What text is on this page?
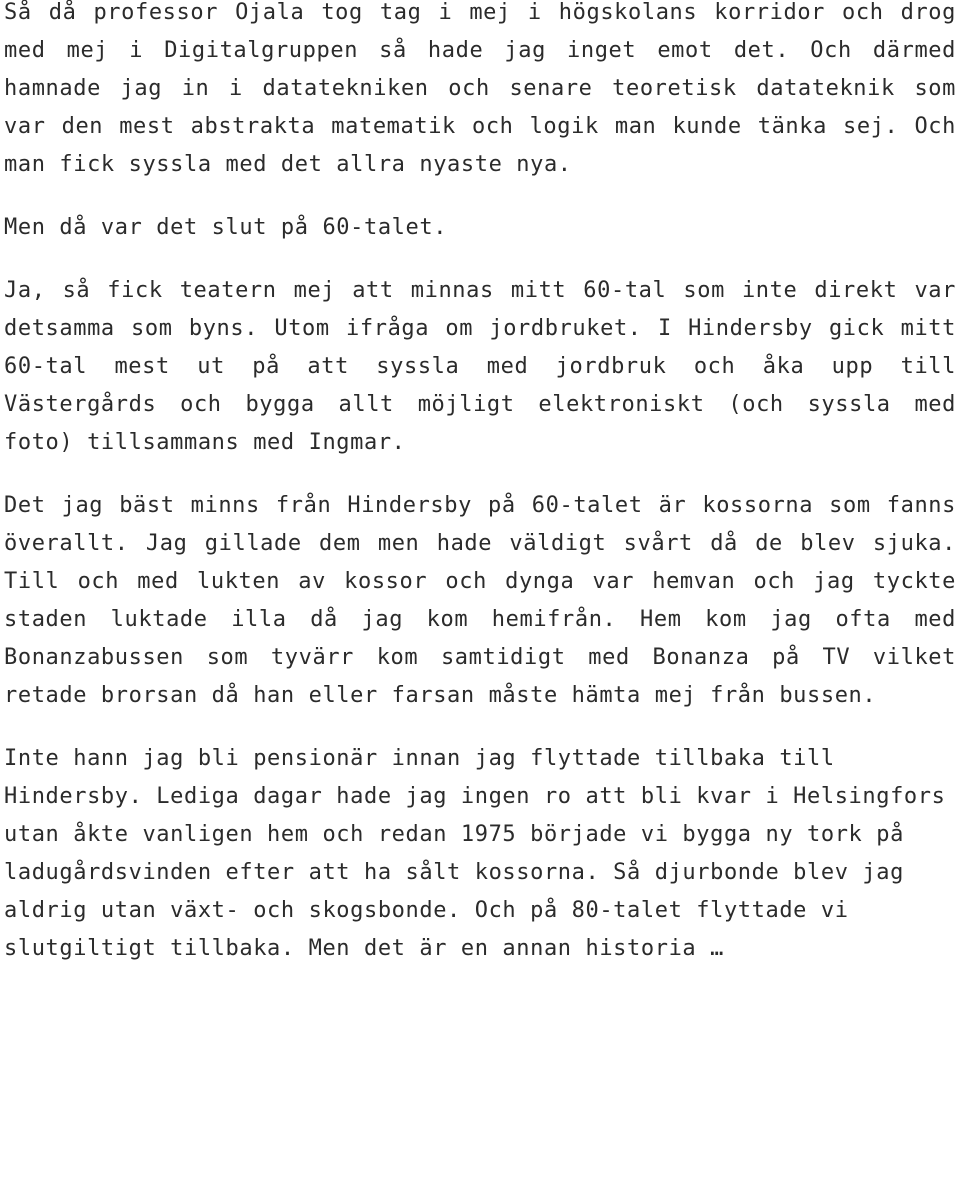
Så då professor Ojala tog tag i mej i högskolans korridor och drog med mej i Digitalgruppen så hade jag inget emot det. Och därmed hamnade jag in i datatekniken och senare teoretisk datateknik som var den mest abstrakta matematik och logik man kunde tänka sej. Och man fick syssla med det allra nyaste nya.

Men då var det slut på 60-talet.

Ja, så fick teatern mej att minnas mitt 60-tal som inte direkt var detsamma som byns. Utom ifråga om jordbruket. I Hindersby gick mitt 60-tal mest ut på att syssla med jordbruk och åka upp till Västergårds och bygga allt möjligt elektroniskt (och syssla med foto) tillsammans med Ingmar.

Det jag bäst minns från Hindersby på 60-talet är kossorna som fanns överallt. Jag gillade dem men hade väldigt svårt då de blev sjuka. Till och med lukten av kossor och dynga var hemvan och jag tyckte staden luktade illa då jag kom hemifrån. Hem kom jag ofta med Bonanzabussen som tyvärr kom samtidigt med Bonanza på TV vilket retade brorsan då han eller farsan måste hämta mej från bussen.

Inte hann jag bli pensionär innan jag flyttade tillbaka till Hindersby. Lediga dagar hade jag ingen ro att bli kvar i Helsingfors utan åkte vanligen hem och redan 1975 började vi bygga ny tork på ladugårdsvinden efter att ha sålt kossorna. Så djurbonde blev jag aldrig utan växt- och skogsbonde. Och på 80-talet flyttade vi slutgiltigt tillbaka. Men det är en annan historia …
